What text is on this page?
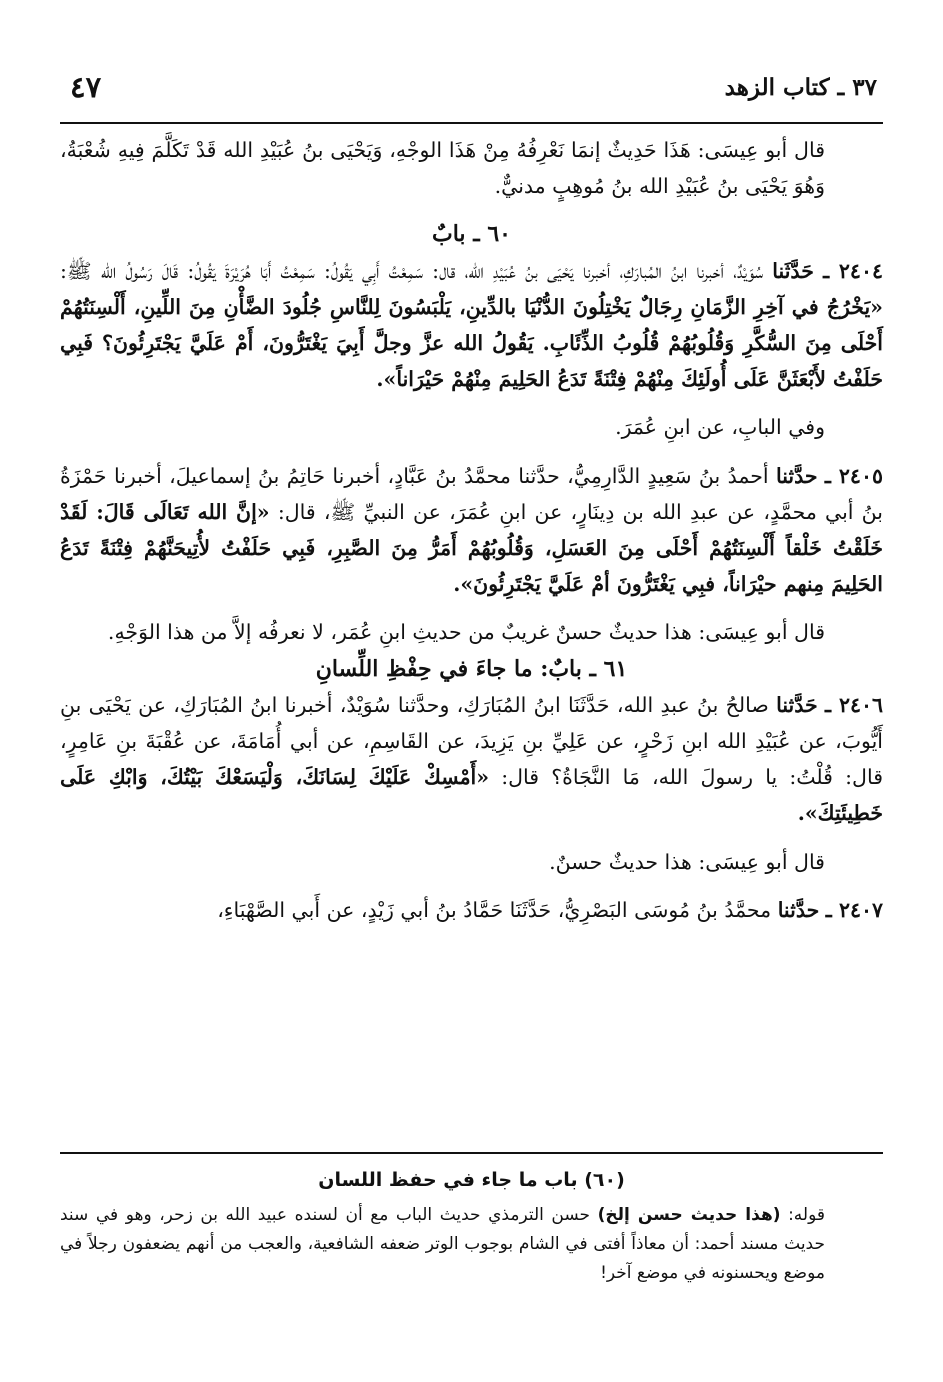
٣٧ ـ كتاب الزهد
٤٧

قال أبو عِيسَى: هَذَا حَدِيثٌ إنمَا نَعْرِفُهُ مِنْ هَذَا الوجْهِ، وَيَحْيَى بنُ عُبَيْدِ الله قَدْ تَكَلَّمَ فِيهِ شُعْبَةُ، وَهُوَ يَحْيَى بنُ عُبَيْدِ الله بنُ مُوهِبٍ مدنيٌّ.

٦٠ ـ بابٌ

٢٤٠٤ ـ حَدَّثَنا سُوَيْدٌ، أخبرنا ابنُ المُبارَكِ، أخبرنا يَحْيَى بنُ عُبَيْدِ الله، قال: سَمِعْتُ أَبِي يَقُولُ: سَمِعْتُ أَبَا هُرَيْرَةَ يَقُولُ: قَالَ رَسُولُ الله ﷺ: «يَخْرُجُ في آخِرِ الزَّمَانِ رِجَالٌ يَخْتِلُونَ الدُّنْيَا بالدِّينِ، يَلْبَسُونَ لِلنَّاسِ جُلُودَ الضَّأْنِ مِنَ اللِّينِ، أَلْسِنَتُهُمْ أَحْلَى مِنَ السُّكَّرِ وَقُلُوبُهُمْ قُلُوبُ الذِّئَابِ. يَقُولُ الله عزَّ وجلَّ أَبِيَ يَغْتَرُّونَ، أَمْ عَلَيَّ يَجْتَرِئُونَ؟ فَبِي حَلَفْتُ لأَبْعَثَنَّ عَلَى أُولَئِكَ مِنْهُمْ فِتْنَةً تَدَعُ الحَلِيمَ مِنْهُمْ حَيْرَاناً».

وفي البابِ، عن ابنِ عُمَرَ.

٢٤٠٥ ـ حدَّثنا أحمدُ بنُ سَعِيدٍ الدَّارِمِيُّ، حدَّثنا محمَّدُ بنُ عَبَّادٍ، أخبرنا حَاتِمُ بنُ إسماعيلَ، أخبرنا حَمْزَةُ بنُ أبي محمَّدٍ، عن عبدِ الله بن دِينَارٍ، عن ابنِ عُمَرَ، عن النبيِّ ﷺ، قال: «إنَّ الله تَعَالَى قَالَ: لَقَدْ خَلَقْتُ خَلْقاً أَلْسِنَتُهُمْ أَحْلَى مِنَ العَسَلِ، وَقُلُوبُهُمْ أَمَرُّ مِنَ الصَّبِرِ، فَبِي حَلَفْتُ لأُتِيحَنَّهُمْ فِتْنَةً تَدَعُ الحَلِيمَ مِنهم حيْرَاناً، فبِي يَغْتَرُّونَ أمْ عَلَيَّ يَجْتَرِئُونَ».

قال أبو عِيسَى: هذا حديثٌ حسنٌ غريبٌ من حديثِ ابنِ عُمَر، لا نعرفُه إلاَّ من هذا الوَجْهِ.

٦١ ـ بابٌ: ما جاءَ في حِفْظِ اللِّسانِ

٢٤٠٦ ـ حَدَّثنا صالحُ بنُ عبدِ الله، حَدَّثَنَا ابنُ المُبَارَكِ، وحدَّثنا سُوَيْدٌ، أخبرنا ابنُ المُبَارَكِ، عن يَحْيَى بنِ أَيُّوبَ، عن عُبَيْدِ الله ابنِ زَحْرٍ، عن عَلِيِّ بنِ يَزِيدَ، عن القَاسِمِ، عن أبي أُمَامَةَ، عن عُقْبَةَ بنِ عَامِرٍ، قال: قُلْتُ: يا رسولَ الله، مَا النَّجَاةُ؟ قال: «أَمْسِكْ عَلَيْكَ لِسَانَكَ، وَلْيَسَعْكَ بَيْتُكَ، وَابْكِ عَلَى خَطِيئَتِكَ».

قال أبو عِيسَى: هذا حديثٌ حسنٌ.

٢٤٠٧ ـ حدَّثنا محمَّدُ بنُ مُوسَى البَصْرِيُّ، حَدَّثَنَا حَمَّادُ بنُ أبي زَيْدٍ، عن أَبي الصَّهْبَاءِ،

(٦٠) باب ما جاء في حفظ اللسان

قوله: (هذا حديث حسن إلخ) حسن الترمذي حديث الباب مع أن لسنده عبيد الله بن زحر، وهو في سند حديث مسند أحمد: أن معاذاً أفتى في الشام بوجوب الوتر ضعفه الشافعية، والعجب من أنهم يضعفون رجلاً في موضع ويحسنونه في موضع آخر!
